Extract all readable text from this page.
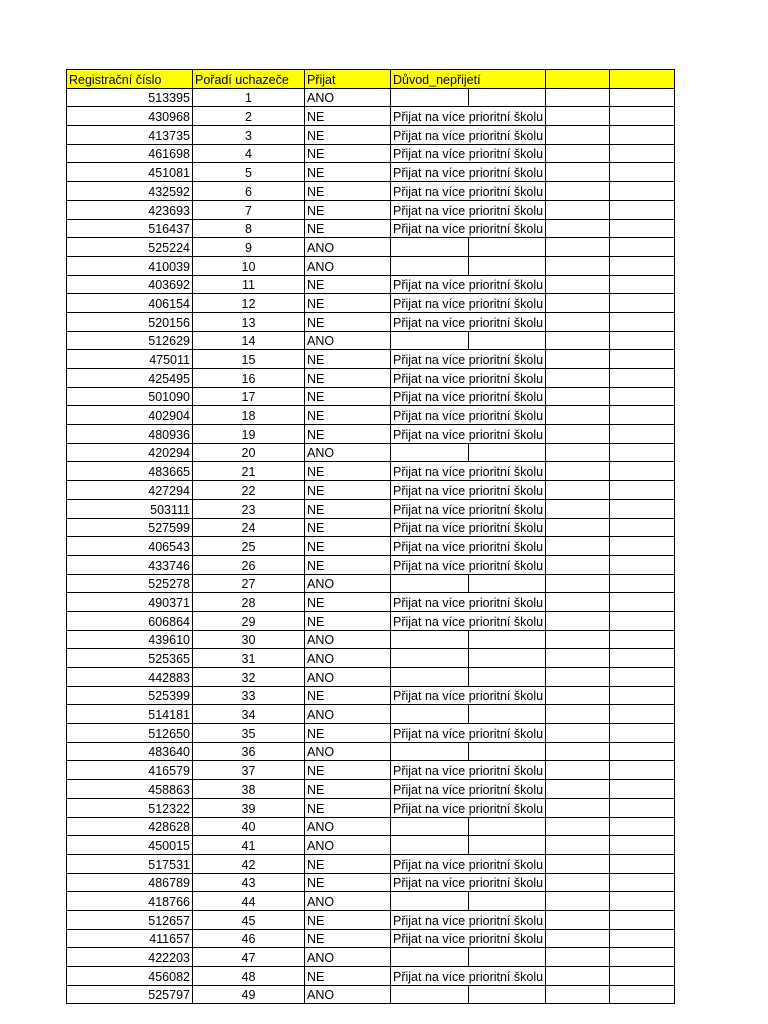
Registrační číslo	Pořadí uchazeče	Přijat	Důvod_nepřijetí			
513395	1	ANO				
430968	2	NE	Přijat na více prioritní školu			
413735	3	NE	Přijat na více prioritní školu			
461698	4	NE	Přijat na více prioritní školu			
451081	5	NE	Přijat na více prioritní školu			
432592	6	NE	Přijat na více prioritní školu			
423693	7	NE	Přijat na více prioritní školu			
516437	8	NE	Přijat na více prioritní školu			
525224	9	ANO				
410039	10	ANO				
403692	11	NE	Přijat na více prioritní školu			
406154	12	NE	Přijat na více prioritní školu			
520156	13	NE	Přijat na více prioritní školu			
512629	14	ANO				
475011	15	NE	Přijat na více prioritní školu			
425495	16	NE	Přijat na více prioritní školu			
501090	17	NE	Přijat na více prioritní školu			
402904	18	NE	Přijat na více prioritní školu			
480936	19	NE	Přijat na více prioritní školu			
420294	20	ANO				
483665	21	NE	Přijat na více prioritní školu			
427294	22	NE	Přijat na více prioritní školu			
503111	23	NE	Přijat na více prioritní školu			
527599	24	NE	Přijat na více prioritní školu			
406543	25	NE	Přijat na více prioritní školu			
433746	26	NE	Přijat na více prioritní školu			
525278	27	ANO				
490371	28	NE	Přijat na více prioritní školu			
606864	29	NE	Přijat na více prioritní školu			
439610	30	ANO				
525365	31	ANO				
442883	32	ANO				
525399	33	NE	Přijat na více prioritní školu			
514181	34	ANO				
512650	35	NE	Přijat na více prioritní školu			
483640	36	ANO				
416579	37	NE	Přijat na více prioritní školu			
458863	38	NE	Přijat na více prioritní školu			
512322	39	NE	Přijat na více prioritní školu			
428628	40	ANO				
450015	41	ANO				
517531	42	NE	Přijat na více prioritní školu			
486789	43	NE	Přijat na více prioritní školu			
418766	44	ANO				
512657	45	NE	Přijat na více prioritní školu			
411657	46	NE	Přijat na více prioritní školu			
422203	47	ANO				
456082	48	NE	Přijat na více prioritní školu			
525797	49	ANO				
